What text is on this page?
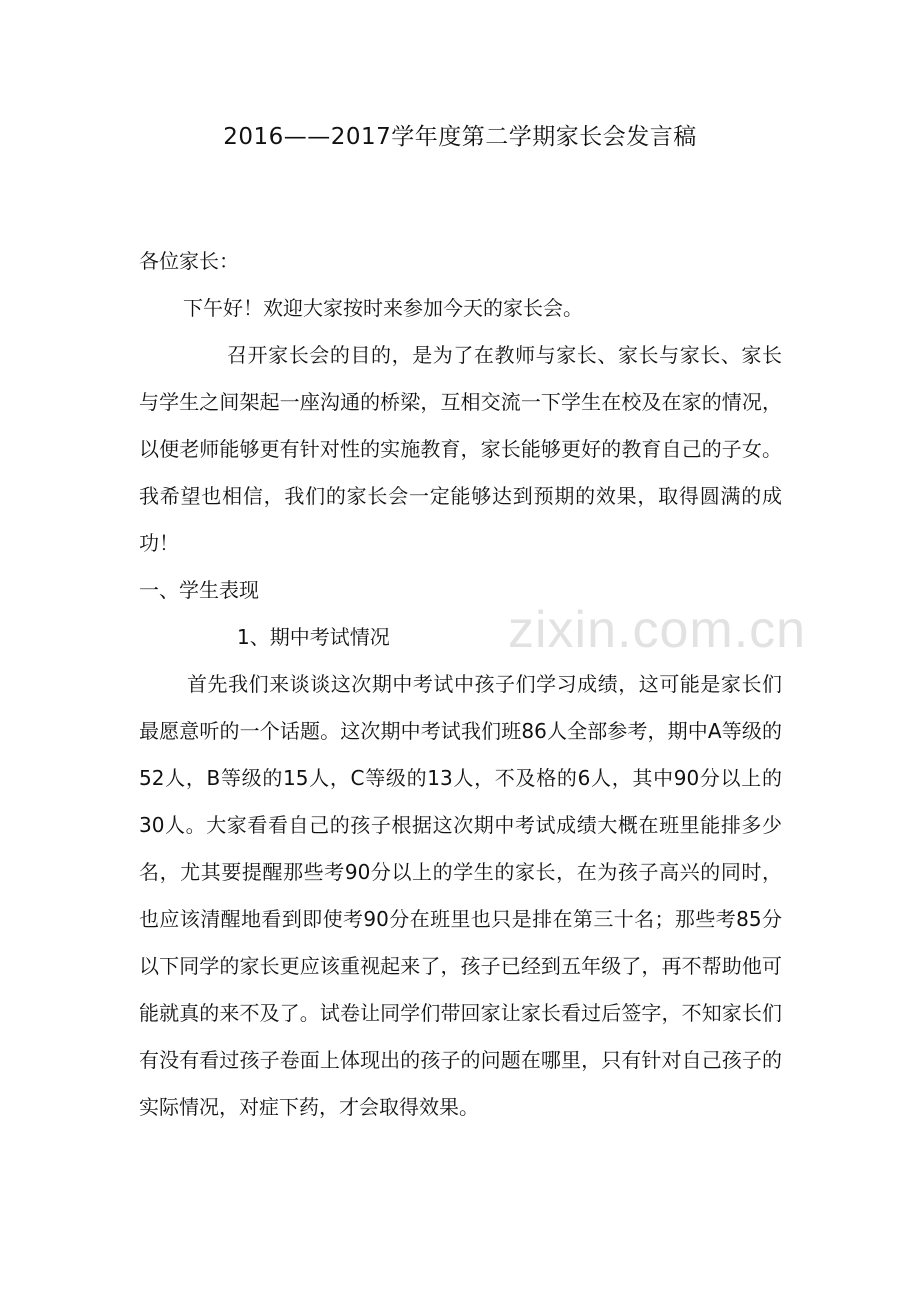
2016——2017学年度第二学期家长会发言稿

各位家长：

下午好！欢迎大家按时来参加今天的家长会。

召开家长会的目的，是为了在教师与家长、家长与家长、家长与学生之间架起一座沟通的桥梁，互相交流一下学生在校及在家的情况，以便老师能够更有针对性的实施教育，家长能够更好的教育自己的子女。我希望也相信，我们的家长会一定能够达到预期的效果，取得圆满的成功！

一、学生表现

1、期中考试情况

首先我们来谈谈这次期中考试中孩子们学习成绩，这可能是家长们最愿意听的一个话题。这次期中考试我们班86人全部参考，期中A等级的52人，B等级的15人，C等级的13人，不及格的6人，其中90分以上的30人。大家看看自己的孩子根据这次期中考试成绩大概在班里能排多少名，尤其要提醒那些考90分以上的学生的家长，在为孩子高兴的同时，也应该清醒地看到即使考90分在班里也只是排在第三十名；那些考85分以下同学的家长更应该重视起来了，孩子已经到五年级了，再不帮助他可能就真的来不及了。试卷让同学们带回家让家长看过后签字，不知家长们有没有看过孩子卷面上体现出的孩子的问题在哪里，只有针对自己孩子的实际情况，对症下药，才会取得效果。

zixin.com.cn
